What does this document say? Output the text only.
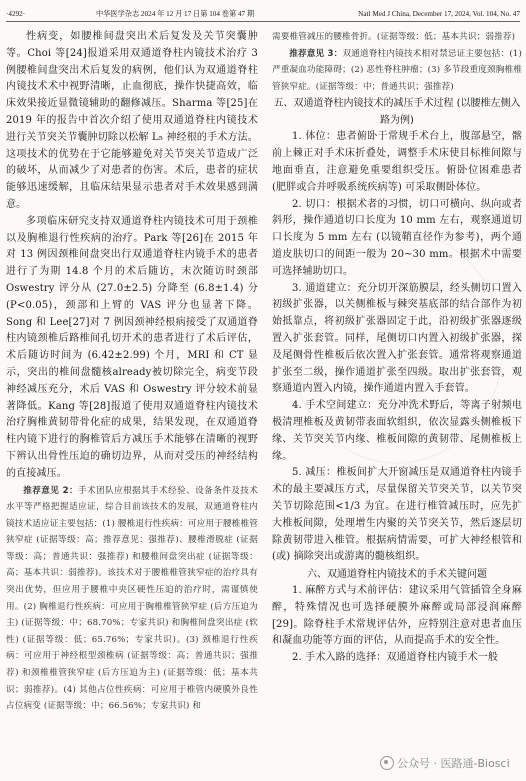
·4292·	中华医学杂志 2024 年 12 月 17 日第 104 卷第 47 期	Natl Med J China, December 17, 2024, Vol. 104, No. 47

性病变，如腰椎间盘突出术后复发及关节突囊肿等。Choi 等[24]报道采用双通道脊柱内镜技术治疗 3 例腰椎间盘突出术后复发的病例，他们认为双通道脊柱内镜技术术中视野清晰，止血彻底，操作快捷高效，临床效果接近显微镜辅助的翻修减压。Sharma 等[25]在 2019 年的报告中首次介绍了使用双通道脊柱内镜技术进行关节突关节囊肿切除以松解 L₅ 神经根的手术方法。这项技术的优势在于它能够避免对关节突关节造成广泛的破坏，从而减少了对患者的伤害。术后，患者的症状能够迅速缓解，且临床结果显示患者对手术效果感到满意。

多项临床研究支持双通道脊柱内镜技术可用于颈椎以及胸椎退行性疾病的治疗。Park 等[26]在 2015 年对 13 例因颈椎间盘突出行双通道脊柱内镜手术的患者进行了为期 14.8 个月的术后随访，末次随访时颈部 Oswestry 评分从 (27.0±2.5) 分降至 (6.8±1.4) 分 (P<0.05)，颈部和上臂的 VAS 评分也显著下降。Song 和 Lee[27]对 7 例因颈神经根病接受了双通道脊柱内镜颈椎后路椎间孔切开术的患者进行了术后评估，术后随访时间为 (6.42±2.99) 个月，MRI 和 CT 显示，突出的椎间盘髓核already被切除完全，病变节段神经减压充分，术后 VAS 和 Oswestry 评分较术前显著降低。Kang 等[28]报道了使用双通道脊柱内镜技术治疗胸椎黄韧带骨化症的成果，结果发现，在双通道脊柱内镜下进行的胸椎管后方减压手术能够在清晰的视野下辨认出骨性压迫的确切边界，从而对受压的神经结构的直接减压。

推荐意见 2：手术团队应根据其手术经验、设备条件及技术水平等严格把握适应证，综合目前该技术的发展，双通道脊柱内镜技术适应证主要包括：(1) 腰椎退行性疾病：可应用于腰椎椎管狭窄症 (证据等级：高；推荐意见：强推荐)、腰椎滑脱症 (证据等级：高；普通共识：强推荐) 和腰椎间盘突出症 (证据等级：高；基本共识：弱推荐)。该技术对于腰椎椎管狭窄症的治疗具有突出优势，但应用于腰椎中央区硬性压迫的治疗时，需谨慎使用。(2) 胸椎退行性疾病：可应用于胸椎椎管狭窄症 (后方压迫为主) (证据等级：中；68.70%；专家共识) 和胸椎间盘突出症 (软性) (证据等级：低；65.76%；专家共识)。(3) 颈椎退行性疾病：可应用于神经根型颈椎病 (证据等级：高；普通共识；强推荐) 和颈椎椎管狭窄症 (后方压迫为主) (证据等级：低；基本共识；弱推荐)。(4) 其他占位性疾病：可应用于椎管内硬膜外良性占位病变 (证据等级：中；66.56%；专家共识) 和

需要椎管减压的腰椎骨折。(证据等级：低；基本共识；弱推荐)

推荐意见 3：双通道脊柱内镜技术相对禁忌证主要包括：(1) 严重凝血功能障碍；(2) 恶性脊柱肿瘤；(3) 多节段重度颈胸椎椎管狭窄症。(证据等级：中；普通共识；强推荐)

五、双通道脊柱内镜技术的减压手术过程 (以腰椎左侧入路为例)

1. 体位：患者俯卧于常规手术台上，腹部悬空，髂前上棘正对手术床折叠处，调整手术床使目标椎间隙与地面垂直，注意避免重要组织受压。俯卧位困难患者 (肥胖或合并呼吸系统疾病等) 可采取侧卧体位。

2. 切口：根据术者的习惯，切口可横向、纵向或者斜形，操作通道切口长度为 10 mm 左右，观察通道切口长度为 5 mm 左右 (以镜鞘直径作为参考)，两个通道皮肤切口的间距一般为 20~30 mm。根据术中需要可选择辅助切口。

3. 通道建立：充分切开深筋膜层，经头侧切口置入初级扩张器，以关侧椎板与棘突基底部的结合部作为初始抵靠点，将初级扩张器固定于此，沿初级扩张器逐级置入扩张套管。同样，尾侧切口内置入初级扩张器，探及尾侧骨性椎板后依次置入扩张套管。通常将观察通道扩张至二级，操作通道扩张至四级。取出扩张套管，观察通道内置入内镜，操作通道内置入手套管。

4. 手术空间建立：充分冲洗术野后，等离子射频电极清理椎板及黄韧带表面软组织，依次显露头侧椎板下缘、关节突关节内缘、椎板间隙的黄韧带、尾侧椎板上缘。

5. 减压：椎板间扩大开窗减压是双通道脊柱内镜手术的最主要减压方式，尽量保留关节突关节，以关节突关节切除范围<1/3 为宜。在进行椎管减压时，应先扩大椎板间隙，处理增生内聚的关节突关节，然后逐层切除黄韧带进入椎管。根据病情需要，可扩大神经根管和 (或) 摘除突出或游离的髓核组织。

六、双通道脊柱内镜技术的手术关键问题

1. 麻醉方式与术前评估：建议采用气管插管全身麻醉，特殊情况也可选择硬膜外麻醉或局部浸润麻醉[29]。除脊柱手术常规评估外，应特别注意对患者血压和凝血功能等方面的评估，从而提高手术的安全性。

2. 手术入路的选择：双通道脊柱内镜手术一般

公众号 · 医路通-Biosci
